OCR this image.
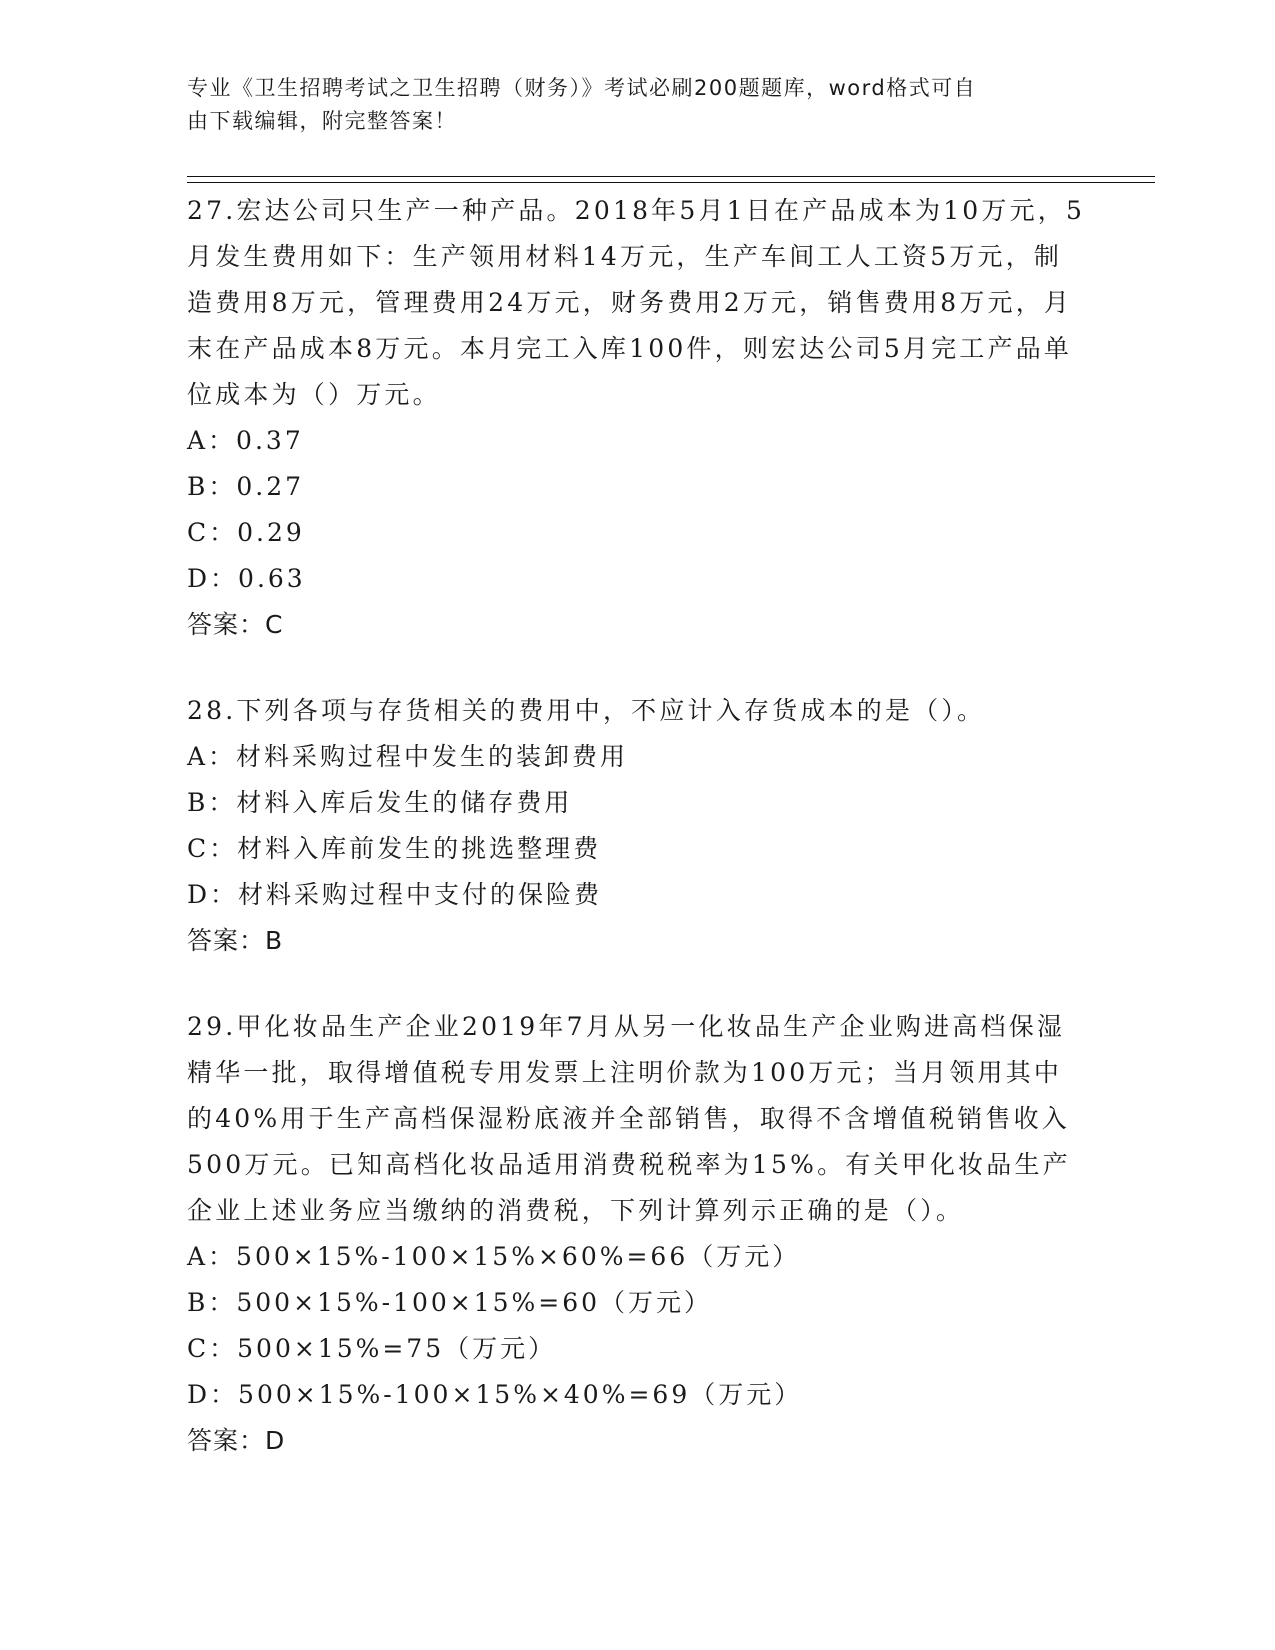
专业《卫生招聘考试之卫生招聘（财务）》考试必刷200题题库，word格式可自
由下载编辑，附完整答案！

27.宏达公司只生产一种产品。2018年5月1日在产品成本为10万元，5月发生费用如下：生产领用材料14万元，生产车间工人工资5万元，制造费用8万元，管理费用24万元，财务费用2万元，销售费用8万元，月末在产品成本8万元。本月完工入库100件，则宏达公司5月完工产品单位成本为（）万元。

A：0.37

B：0.27

C：0.29

D：0.63

答案：C

28.下列各项与存货相关的费用中，不应计入存货成本的是（）。

A：材料采购过程中发生的装卸费用

B：材料入库后发生的储存费用

C：材料入库前发生的挑选整理费

D：材料采购过程中支付的保险费

答案：B

29.甲化妆品生产企业2019年7月从另一化妆品生产企业购进高档保湿精华一批，取得增值税专用发票上注明价款为100万元；当月领用其中的40%用于生产高档保湿粉底液并全部销售，取得不含增值税销售收入500万元。已知高档化妆品适用消费税税率为15%。有关甲化妆品生产企业上述业务应当缴纳的消费税，下列计算列示正确的是（）。

A：500×15%-100×15%×60%=66（万元）

B：500×15%-100×15%=60（万元）

C：500×15%=75（万元）

D：500×15%-100×15%×40%=69（万元）

答案：D
